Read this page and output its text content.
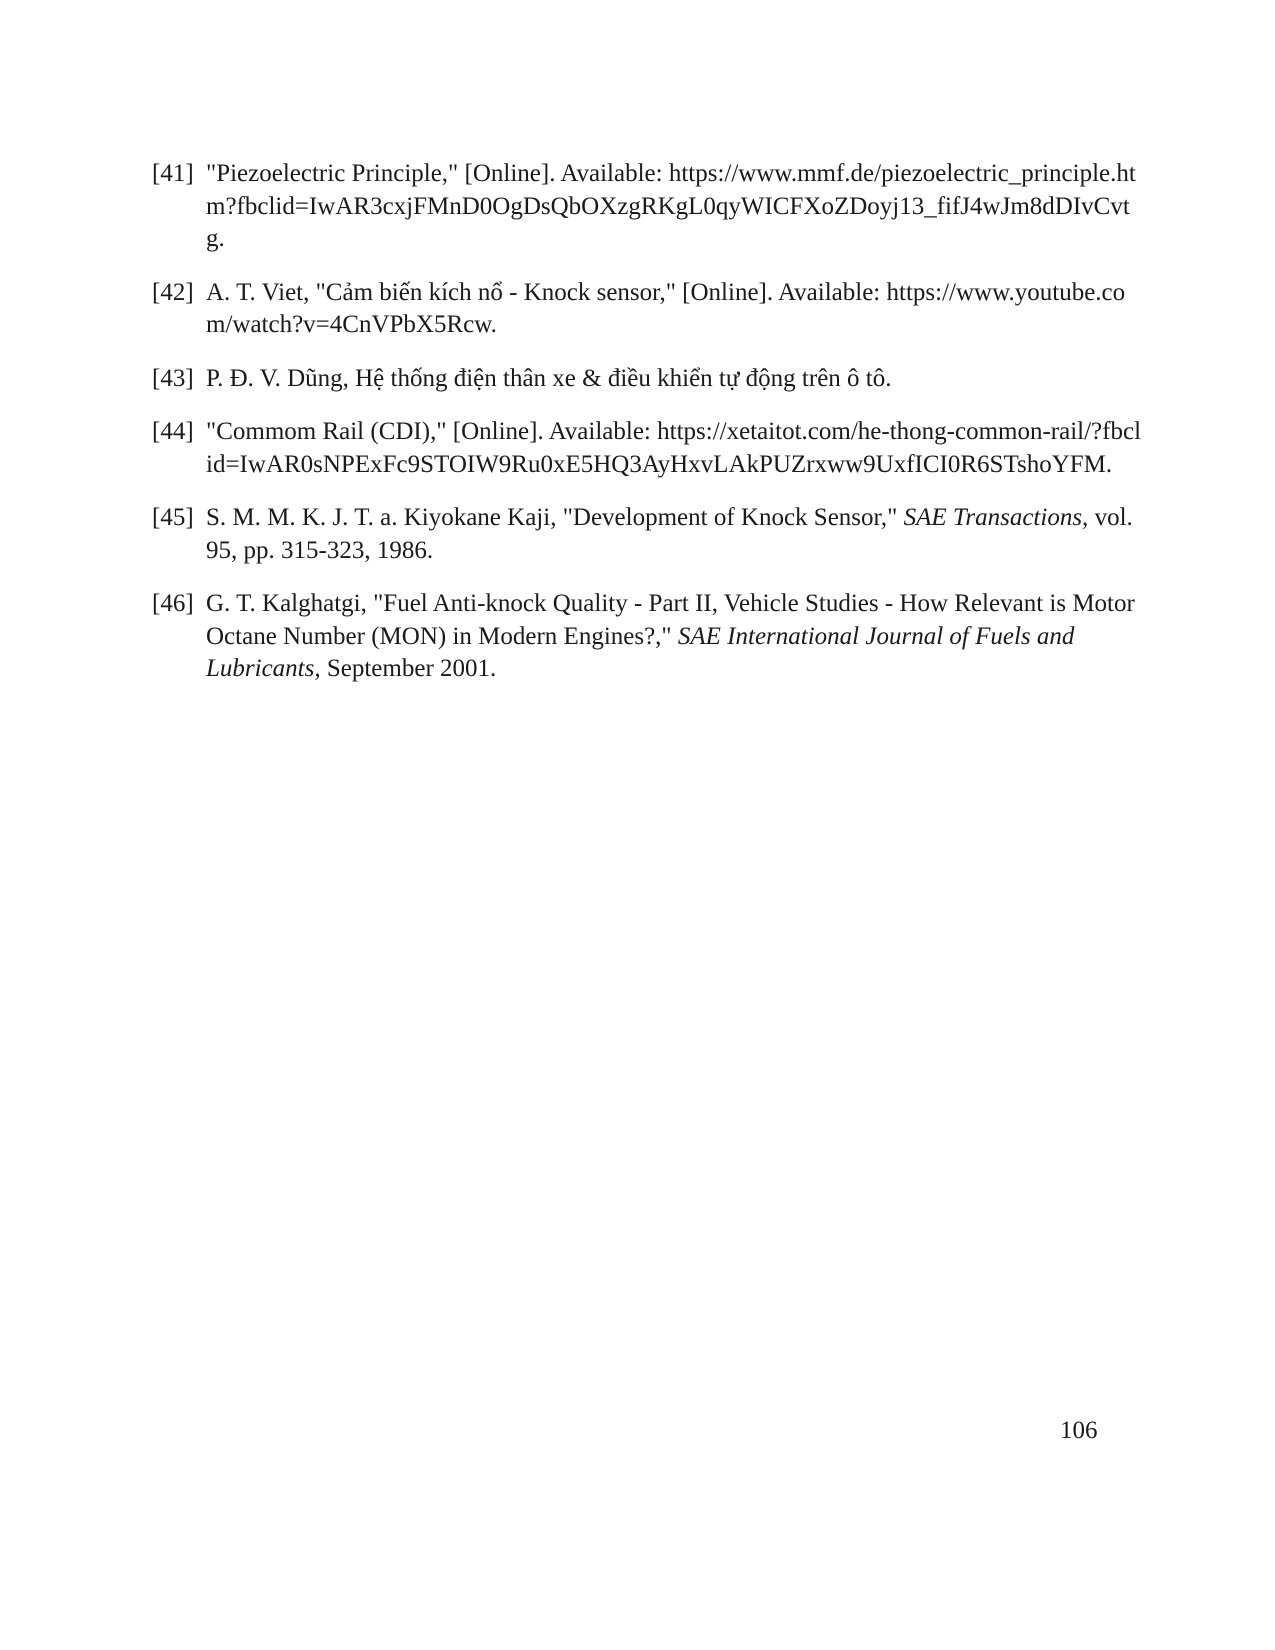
[41] "Piezoelectric Principle," [Online]. Available: https://www.mmf.de/piezoelectric_principle.htm?fbclid=IwAR3cxjFMnD0OgDsQbOXzgRKgL0qyWICFXoZDoyj13_fifJ4wJm8dDIvCvtg.
[42] A. T. Viet, "Cảm biến kích nổ - Knock sensor," [Online]. Available: https://www.youtube.com/watch?v=4CnVPbX5Rcw.
[43] P. Đ. V. Dũng, Hệ thống điện thân xe & điều khiển tự động trên ô tô.
[44] "Commom Rail (CDI)," [Online]. Available: https://xetaitot.com/he-thong-common-rail/?fbclid=IwAR0sNPExFc9STOIW9Ru0xE5HQ3AyHxvLAkPUZrxww9UxfICI0R6STshoYFM.
[45] S. M. M. K. J. T. a. Kiyokane Kaji, "Development of Knock Sensor," SAE Transactions, vol. 95, pp. 315-323, 1986.
[46] G. T. Kalghatgi, "Fuel Anti-knock Quality - Part II, Vehicle Studies - How Relevant is Motor Octane Number (MON) in Modern Engines?," SAE International Journal of Fuels and Lubricants, September 2001.
106
